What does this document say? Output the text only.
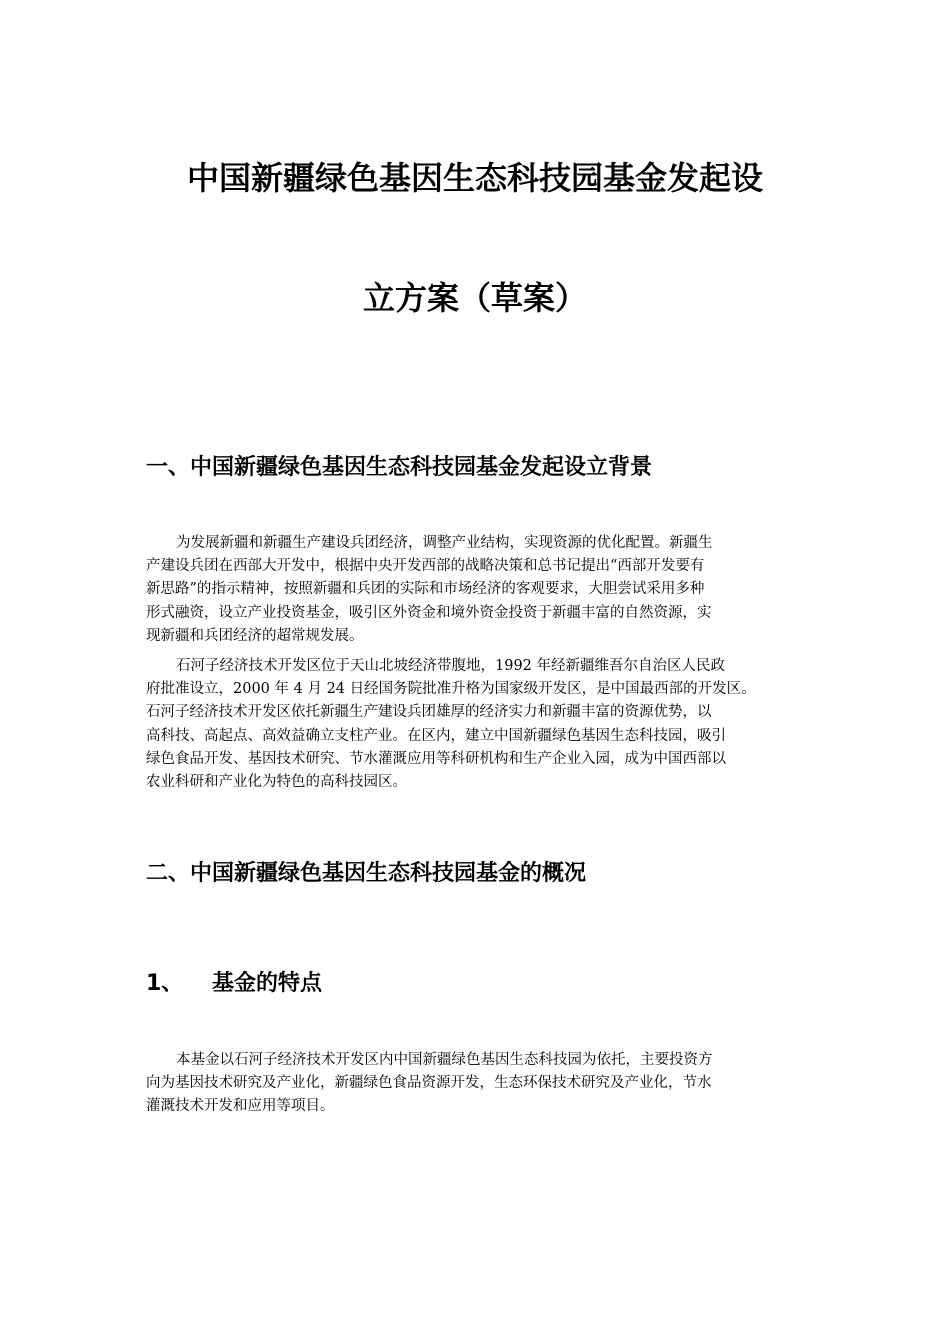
中国新疆绿色基因生态科技园基金发起设
立方案（草案）
一、中国新疆绿色基因生态科技园基金发起设立背景
为发展新疆和新疆生产建设兵团经济，调整产业结构，实现资源的优化配置。新疆生
产建设兵团在西部大开发中，根据中央开发西部的战略决策和总书记提出“西部开发要有
新思路”的指示精神，按照新疆和兵团的实际和市场经济的客观要求，大胆尝试采用多种
形式融资，设立产业投资基金，吸引区外资金和境外资金投资于新疆丰富的自然资源，实
现新疆和兵团经济的超常规发展。
石河子经济技术开发区位于天山北坡经济带腹地，1992 年经新疆维吾尔自治区人民政
府批准设立，2000 年 4 月 24 日经国务院批准升格为国家级开发区，是中国最西部的开发区。
石河子经济技术开发区依托新疆生产建设兵团雄厚的经济实力和新疆丰富的资源优势，以
高科技、高起点、高效益确立支柱产业。在区内，建立中国新疆绿色基因生态科技园，吸引
绿色食品开发、基因技术研究、节水灌溉应用等科研机构和生产企业入园，成为中国西部以
农业科研和产业化为特色的高科技园区。
二、中国新疆绿色基因生态科技园基金的概况
1、 基金的特点
本基金以石河子经济技术开发区内中国新疆绿色基因生态科技园为依托，主要投资方
向为基因技术研究及产业化，新疆绿色食品资源开发，生态环保技术研究及产业化，节水
灌溉技术开发和应用等项目。
